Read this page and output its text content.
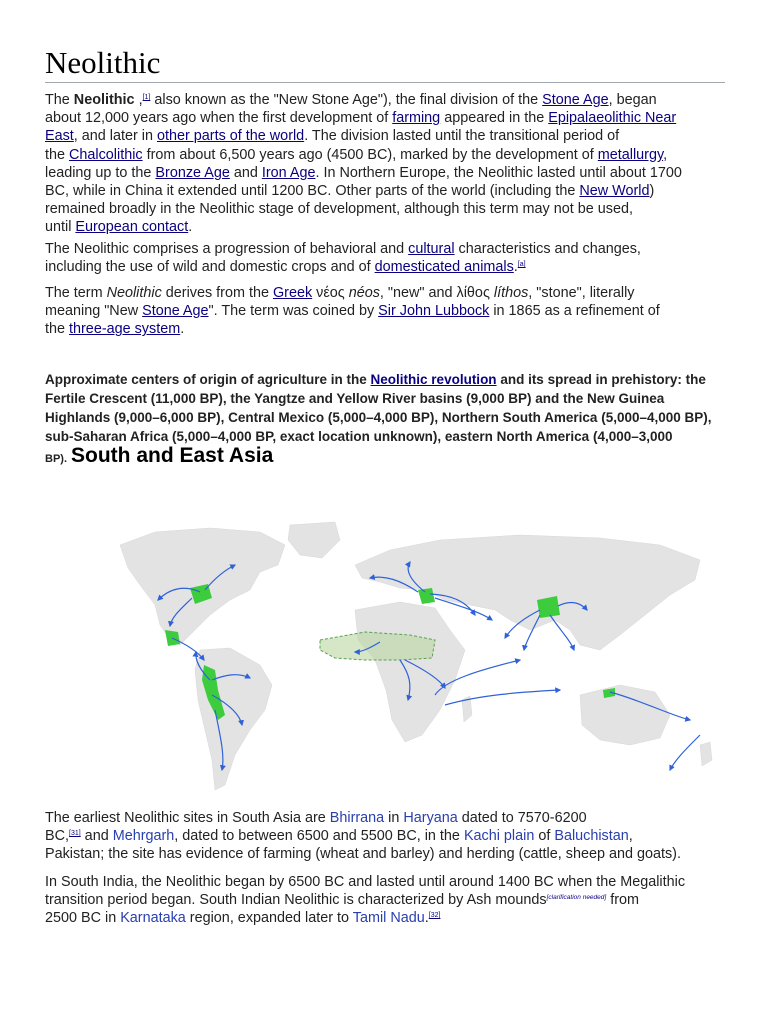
Neolithic

The Neolithic ,[1] also known as the "New Stone Age"), the final division of the Stone Age, began
about 12,000 years ago when the first development of farming appeared in the Epipalaeolithic Near
East, and later in other parts of the world. The division lasted until the transitional period of
the Chalcolithic from about 6,500 years ago (4500 BC), marked by the development of metallurgy,
leading up to the Bronze Age and Iron Age. In Northern Europe, the Neolithic lasted until about 1700
BC, while in China it extended until 1200 BC. Other parts of the world (including the New World)
remained broadly in the Neolithic stage of development, although this term may not be used,
until European contact.

The Neolithic comprises a progression of behavioral and cultural characteristics and changes,
including the use of wild and domestic crops and of domesticated animals.[a]

The term Neolithic derives from the Greek νέος néos, "new" and λίθος líthos, "stone", literally
meaning "New Stone Age". The term was coined by Sir John Lubbock in 1865 as a refinement of
the three-age system.

Approximate centers of origin of agriculture in the Neolithic revolution and its spread in prehistory: the Fertile Crescent (11,000 BP), the Yangtze and Yellow River basins (9,000 BP) and the New Guinea Highlands (9,000–6,000 BP), Central Mexico (5,000–4,000 BP), Northern South America (5,000–4,000 BP), sub-Saharan Africa (5,000–4,000 BP, exact location unknown), eastern North America (4,000–3,000 BP). South and East Asia

The earliest Neolithic sites in South Asia are Bhirrana in Haryana dated to 7570-6200
BC,[31] and Mehrgarh, dated to between 6500 and 5500 BC, in the Kachi plain of Baluchistan,
Pakistan; the site has evidence of farming (wheat and barley) and herding (cattle, sheep and goats).

In South India, the Neolithic began by 6500 BC and lasted until around 1400 BC when the Megalithic
transition period began. South Indian Neolithic is characterized by Ash mounds[clarification needed] from
2500 BC in Karnataka region, expanded later to Tamil Nadu.[32]
